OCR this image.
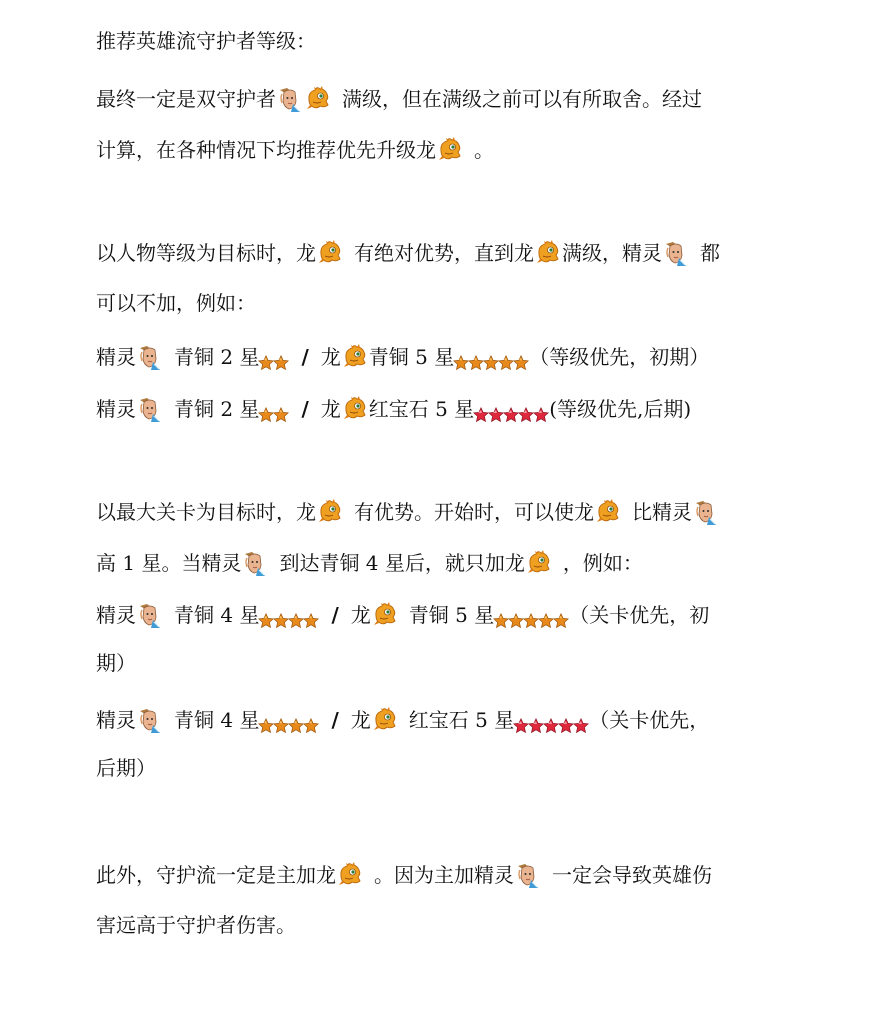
推荐英雄流守护者等级：
最终一定是双守护者	满级，但在满级之前可以有所取舍。经过
计算，在各种情况下均推荐优先升级龙 。
以人物等级为目标时，龙 有绝对优势，直到龙 满级，精灵 都
可以不加，例如：
精灵 青铜 2 星 / 龙 青铜 5 星	（等级优先，初期）
精灵 青铜 2 星 / 龙 红宝石 5 星	(等级优先,后期)
以最大关卡为目标时，龙 有优势。开始时，可以使龙 比精灵
高 1 星。当精灵 到达青铜 4 星后，就只加龙 ，例如：
精灵 青铜 4 星	/ 龙 青铜 5 星	（关卡优先，初
期）
精灵 青铜 4 星	/ 龙 红宝石 5 星	（关卡优先，
后期）
此外，守护流一定是主加龙 。因为主加精灵 一定会导致英雄伤
害远高于守护者伤害。
